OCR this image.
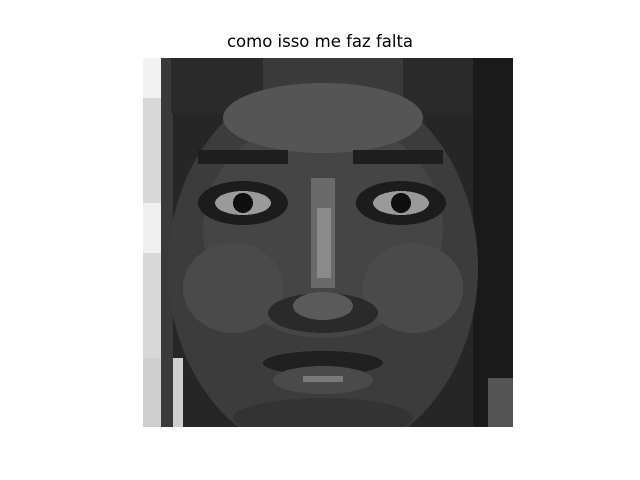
como isso me faz falta
